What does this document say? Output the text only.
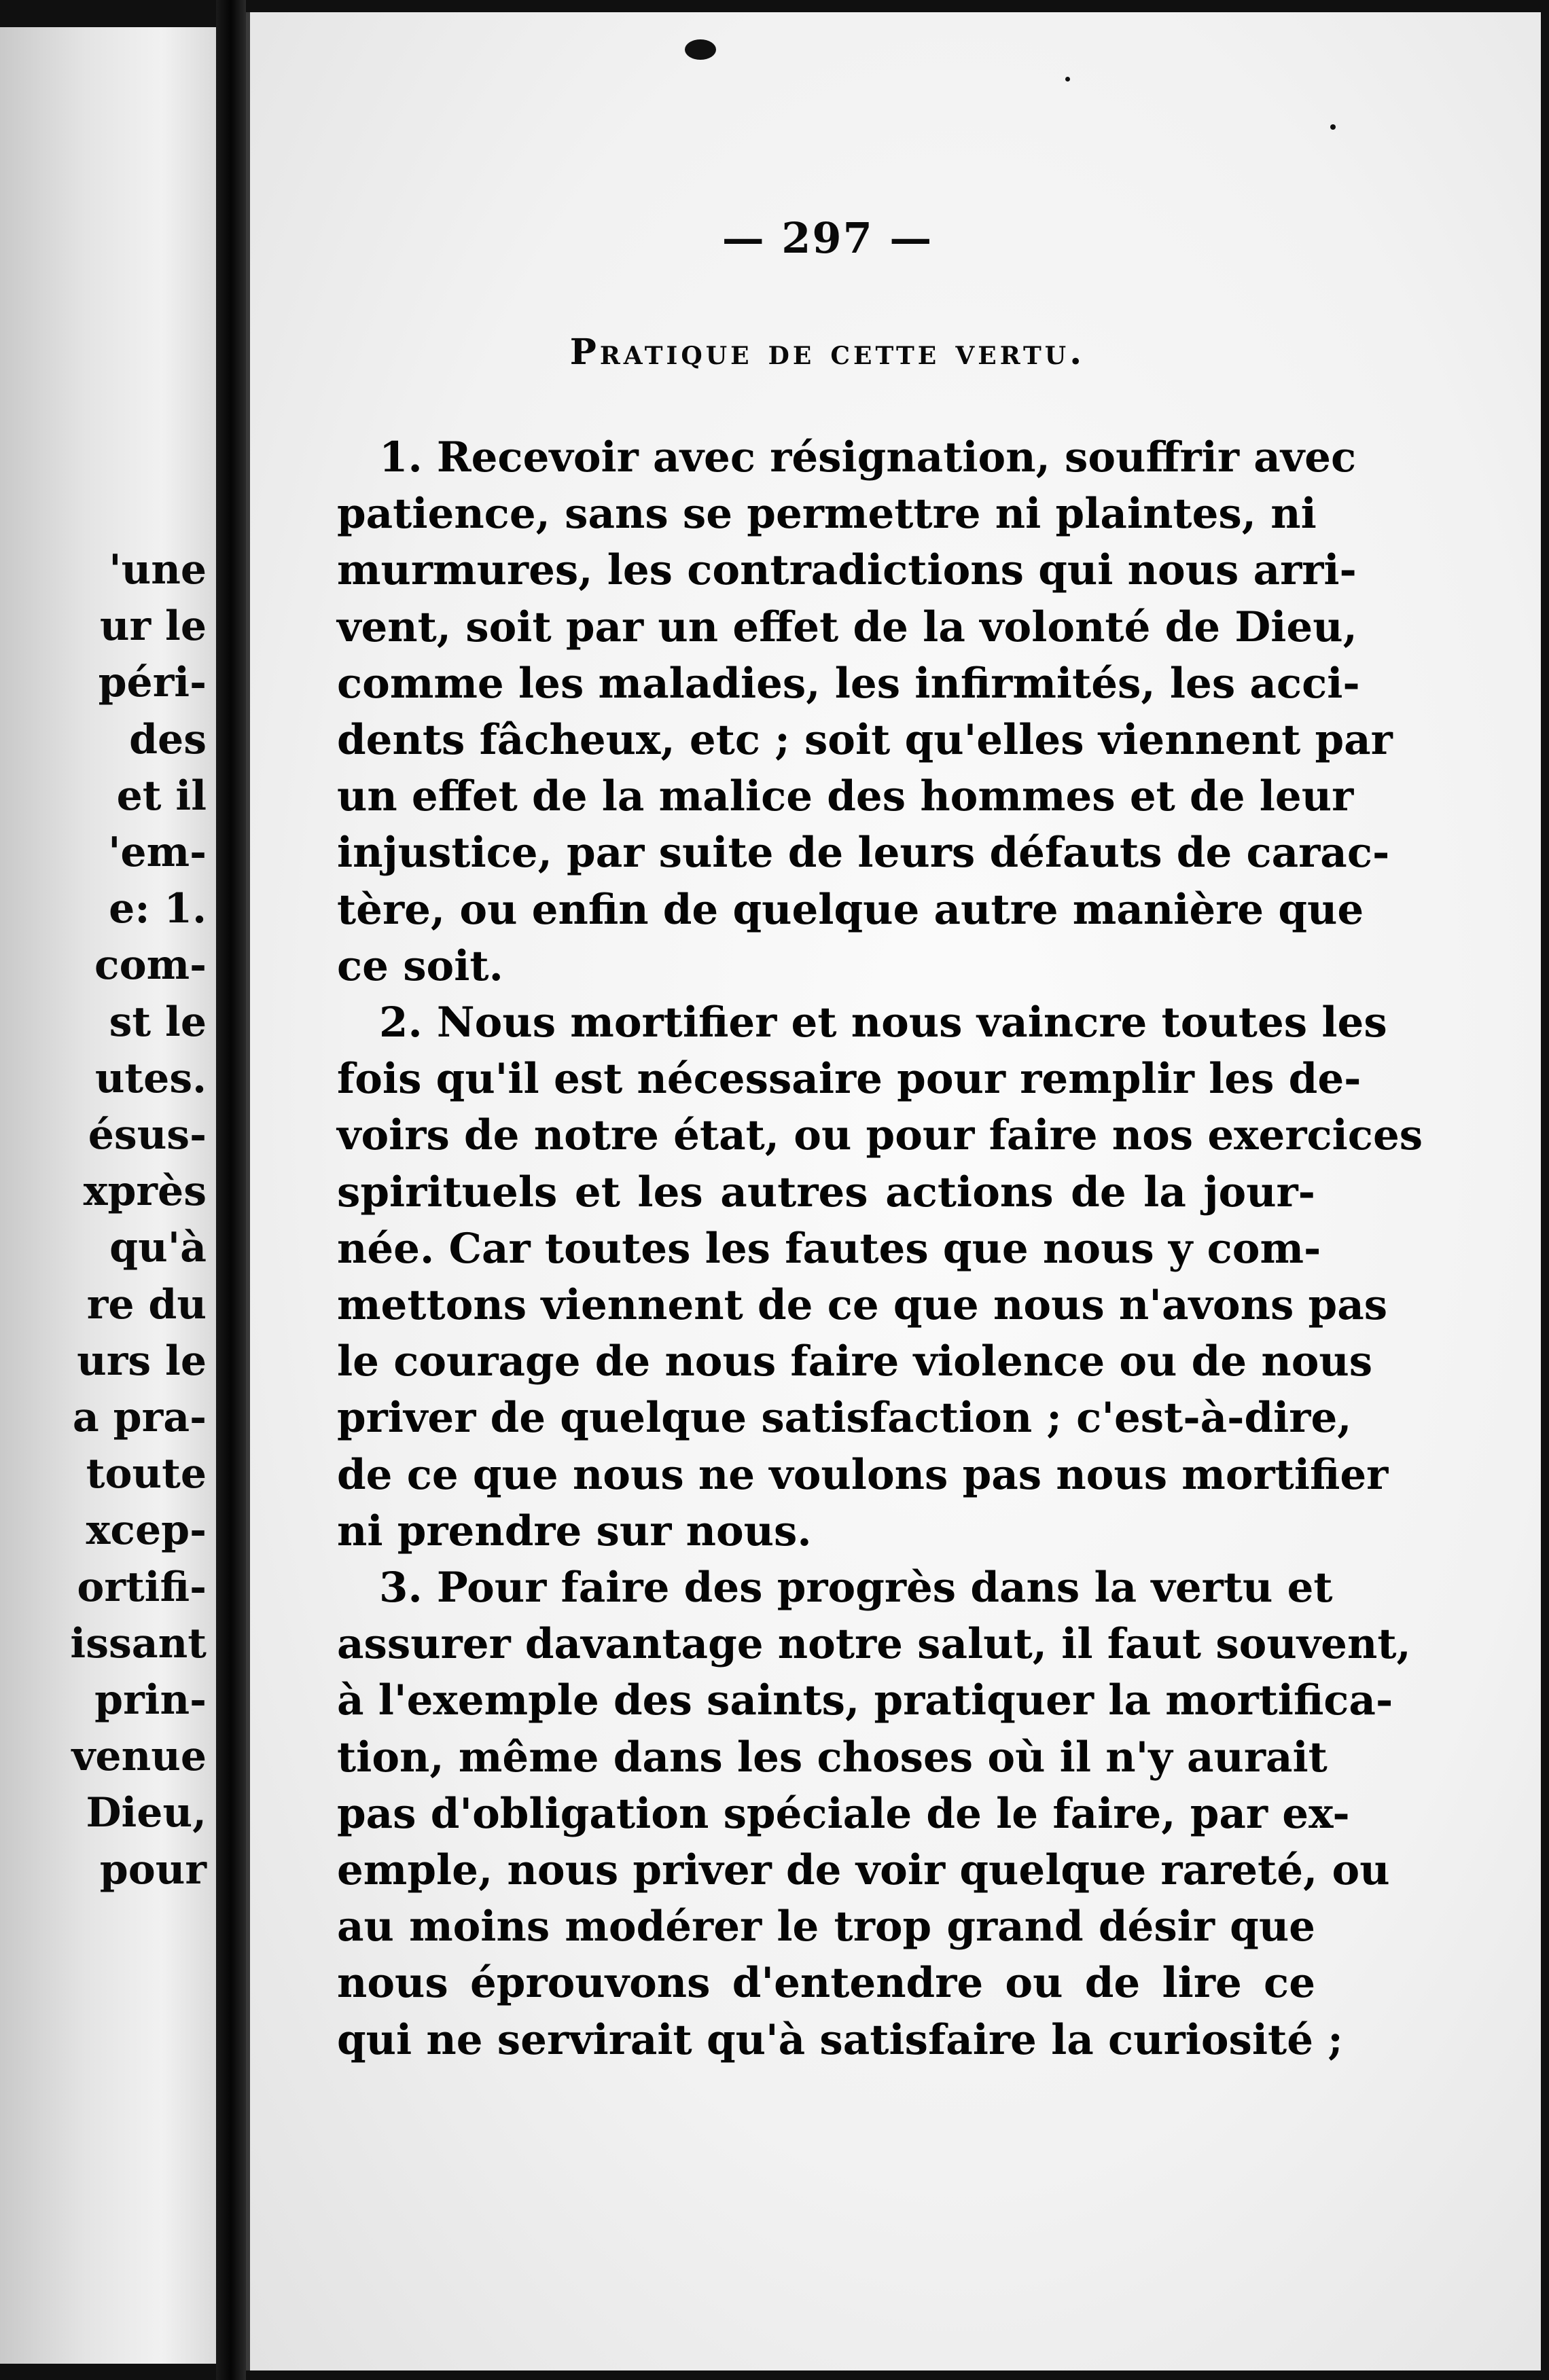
'une
ur le
péri-
des
et il
'em-
e: 1.
com-
st le
utes.
ésus-
xprès
qu'à
re du
urs le
a pra-
toute
xcep-
ortifi-
issant
prin-
venue
Dieu,
pour
— 297 —
Pratique de cette vertu.
1. Recevoir avec résignation, souffrir avec
patience, sans se permettre ni plaintes, ni
murmures, les contradictions qui nous arri-
vent, soit par un effet de la volonté de Dieu,
comme les maladies, les infirmités, les acci-
dents fâcheux, etc ; soit qu'elles viennent par
un effet de la malice des hommes et de leur
injustice, par suite de leurs défauts de carac-
tère, ou enfin de quelque autre manière que
ce soit.
2. Nous mortifier et nous vaincre toutes les
fois qu'il est nécessaire pour remplir les de-
voirs de notre état, ou pour faire nos exercices
spirituels et les autres actions de la jour-
née. Car toutes les fautes que nous y com-
mettons viennent de ce que nous n'avons pas
le courage de nous faire violence ou de nous
priver de quelque satisfaction ; c'est-à-dire,
de ce que nous ne voulons pas nous mortifier
ni prendre sur nous.
3. Pour faire des progrès dans la vertu et
assurer davantage notre salut, il faut souvent,
à l'exemple des saints, pratiquer la mortifica-
tion, même dans les choses où il n'y aurait
pas d'obligation spéciale de le faire, par ex-
emple, nous priver de voir quelque rareté, ou
au moins modérer le trop grand désir que
nous éprouvons d'entendre ou de lire ce
qui ne servirait qu'à satisfaire la curiosité ;
